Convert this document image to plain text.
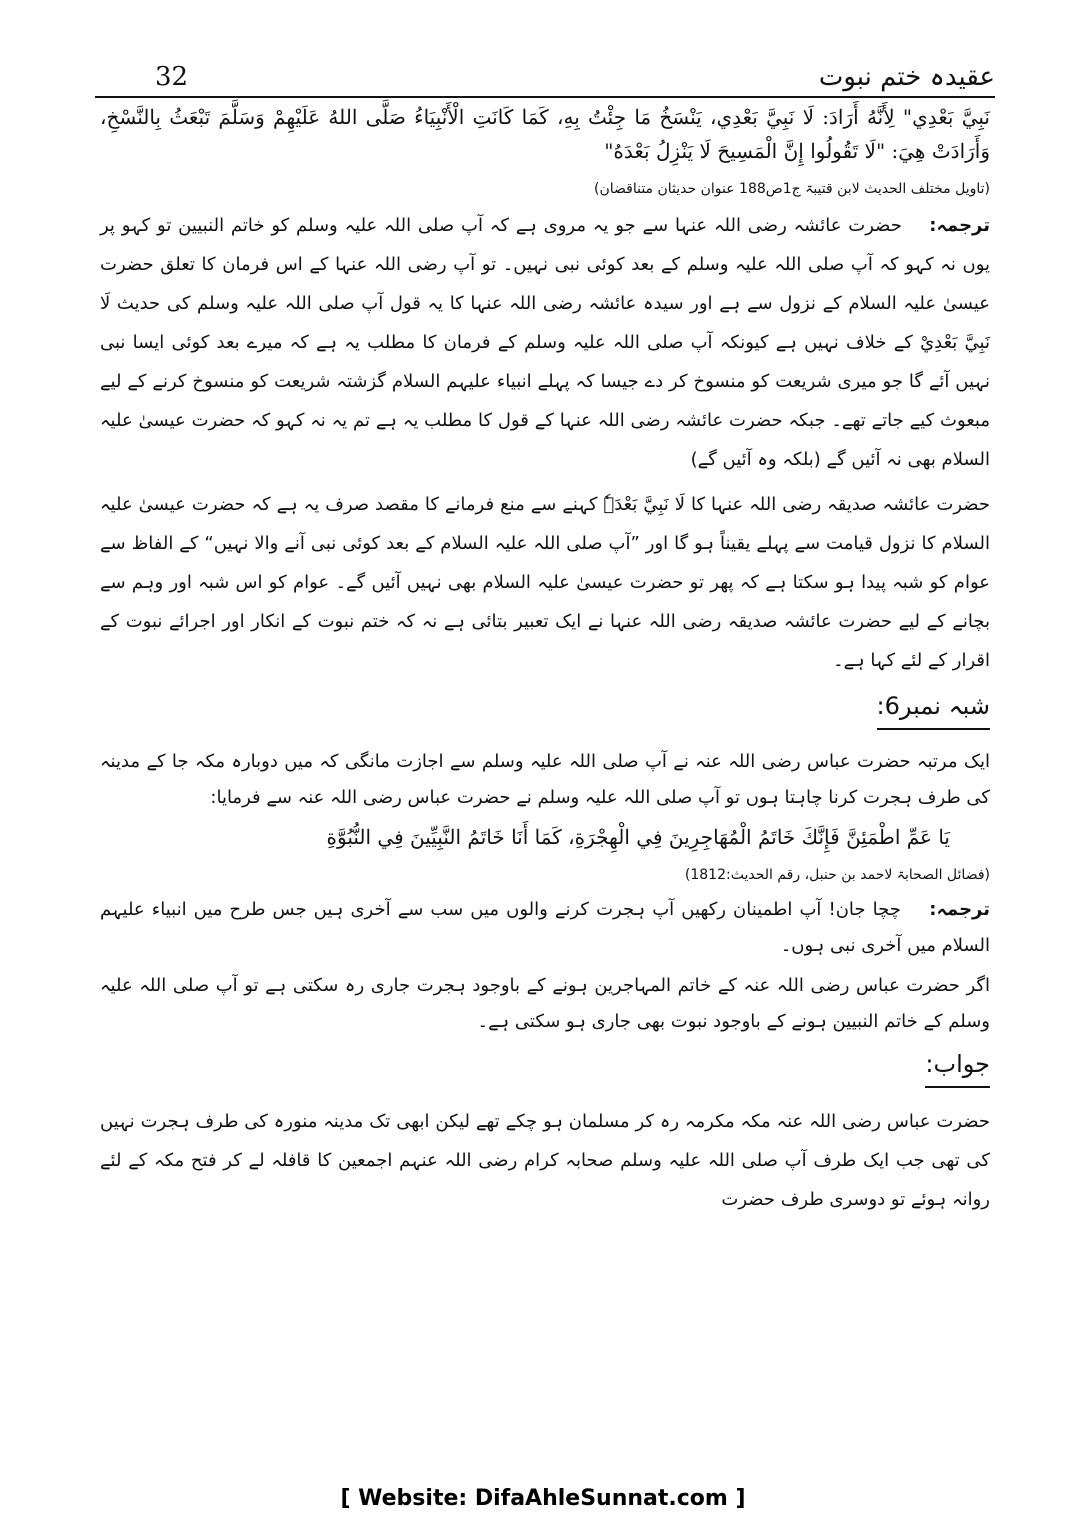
عقیدہ ختم نبوت
32

نَبِيَّ بَعْدِي" لِأَنَّهُ أَرَادَ: لَا نَبِيَّ بَعْدِي، يَنْسَخُ مَا جِئْتُ بِهِ، كَمَا كَانَتِ الْأَنْبِيَاءُ صَلَّى اللهُ عَلَيْهِمْ وَسَلَّمَ تَبْعَثُ بِالنَّسْخِ، وَأَرَادَتْ هِيَ: "لَا تَقُولُوا إِنَّ الْمَسِيحَ لَا يَنْزِلُ بَعْدَهُ"

(تاویل مختلف الحدیث لابن قتیبۃ ج1ص188 عنوان حدیثان متناقضان)

ترجمہ:    حضرت عائشہ رضی اللہ عنہا سے جو یہ مروی ہے کہ آپ صلی اللہ علیہ وسلم کو خاتم النبیین تو کہو پر یوں نہ کہو کہ آپ صلی اللہ علیہ وسلم کے بعد کوئی نبی نہیں۔ تو آپ رضی اللہ عنہا کے اس فرمان کا تعلق حضرت عیسیٰ علیہ السلام کے نزول سے ہے اور سیدہ عائشہ رضی اللہ عنہا کا یہ قول آپ صلی اللہ علیہ وسلم کی حدیث لَا نَبِيَّ بَعْدِيْ کے خلاف نہیں ہے کیونکہ آپ صلی اللہ علیہ وسلم کے فرمان کا مطلب یہ ہے کہ میرے بعد کوئی ایسا نبی نہیں آئے گا جو میری شریعت کو منسوخ کر دے جیسا کہ پہلے انبیاء علیہم السلام گزشتہ شریعت کو منسوخ کرنے کے لیے مبعوث کیے جاتے تھے۔ جبکہ حضرت عائشہ رضی اللہ عنہا کے قول کا مطلب یہ ہے تم یہ نہ کہو کہ حضرت عیسیٰ علیہ السلام بھی نہ آئیں گے (بلکہ وہ آئیں گے)

حضرت عائشہ صدیقہ رضی اللہ عنہا کا لَا نَبِيَّ بَعْدَہٗ کہنے سے منع فرمانے کا مقصد صرف یہ ہے کہ حضرت عیسیٰ علیہ السلام کا نزول قیامت سے پہلے یقیناً ہو گا اور ”آپ صلی اللہ علیہ السلام کے بعد کوئی نبی آنے والا نہیں“ کے الفاظ سے عوام کو شبہ پیدا ہو سکتا ہے کہ پھر تو حضرت عیسیٰ علیہ السلام بھی نہیں آئیں گے۔ عوام کو اس شبہ اور وہم سے بچانے کے لیے حضرت عائشہ صدیقہ رضی اللہ عنہا نے ایک تعبیر بتائی ہے نہ کہ ختم نبوت کے انکار اور اجرائے نبوت کے اقرار کے لئے کہا ہے۔

شبہ نمبر6:

ایک مرتبہ حضرت عباس رضی اللہ عنہ نے آپ صلی اللہ علیہ وسلم سے اجازت مانگی کہ میں دوبارہ مکہ جا کے مدینہ کی طرف ہجرت کرنا چاہتا ہوں تو آپ صلی اللہ علیہ وسلم نے حضرت عباس رضی اللہ عنہ سے فرمایا:

يَا عَمِّ اطْمَئِنَّ فَإِنَّكَ خَاتَمُ الْمُهَاجِرِينَ فِي الْهِجْرَةِ، كَمَا أَنَا خَاتَمُ النَّبِيِّينَ فِي النُّبُوَّةِ

(فضائل الصحابۃ لاحمد بن حنبل، رقم الحدیث:1812)

ترجمہ:    چچا جان! آپ اطمینان رکھیں آپ ہجرت کرنے والوں میں سب سے آخری ہیں جس طرح میں انبیاء علیہم السلام میں آخری نبی ہوں۔

اگر حضرت عباس رضی اللہ عنہ کے خاتم المہاجرین ہونے کے باوجود ہجرت جاری رہ سکتی ہے تو آپ صلی اللہ علیہ وسلم کے خاتم النبیین ہونے کے باوجود نبوت بھی جاری ہو سکتی ہے۔

جواب:

حضرت عباس رضی اللہ عنہ مکہ مکرمہ رہ کر مسلمان ہو چکے تھے لیکن ابھی تک مدینہ منورہ کی طرف ہجرت نہیں کی تھی جب ایک طرف آپ صلی اللہ علیہ وسلم صحابہ کرام رضی اللہ عنہم اجمعین کا قافلہ لے کر فتح مکہ کے لئے روانہ ہوئے تو دوسری طرف حضرت

[ Website: DifaAhleSunnat.com ]
